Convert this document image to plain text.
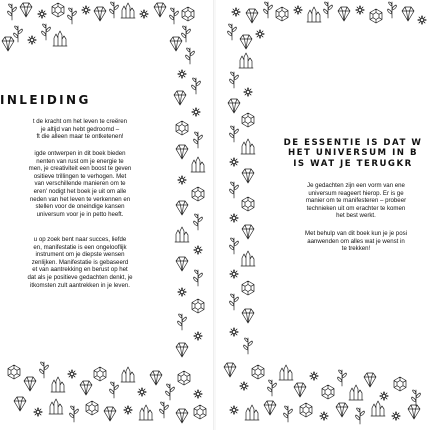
INLEIDING

t de kracht om het leven te creëren

je altijd van hebt gedroomd –

ft die alleen maar te ontketenen!

igde ontwerpen in dit boek bieden

nenten van rust om je energie te

men, je creativiteit een boost te geven

ositieve trillingen te verhogen. Met

van verschillende manieren om te

eren' nodigt het boek je uit om alle

neden van het leven te verkennen en

stellen voor de oneindige kansen

universum voor je in petto heeft.

u op zoek bent naar succes, liefde

en, manifestatie is een ongelooflijk

instrument om je diepste wensen

zenlijken. Manifestatie is gebaseerd

et van aantrekking en berust op het

dat als je positieve gedachten denkt, je

itkomsten zult aantrekken in je leven.

DE ESSENTIE IS DAT W
HET UNIVERSUM IN B
IS WAT JE TERUGKR

Je gedachten zijn een vorm van ene

universum reageert hierop. Er is ge

manier om te manifesteren – probeer

technieken uit om erachter te komen

het best werkt.

Met behulp van dit boek kun je je posi

aanwenden om alles wat je wenst in

te trekken!
